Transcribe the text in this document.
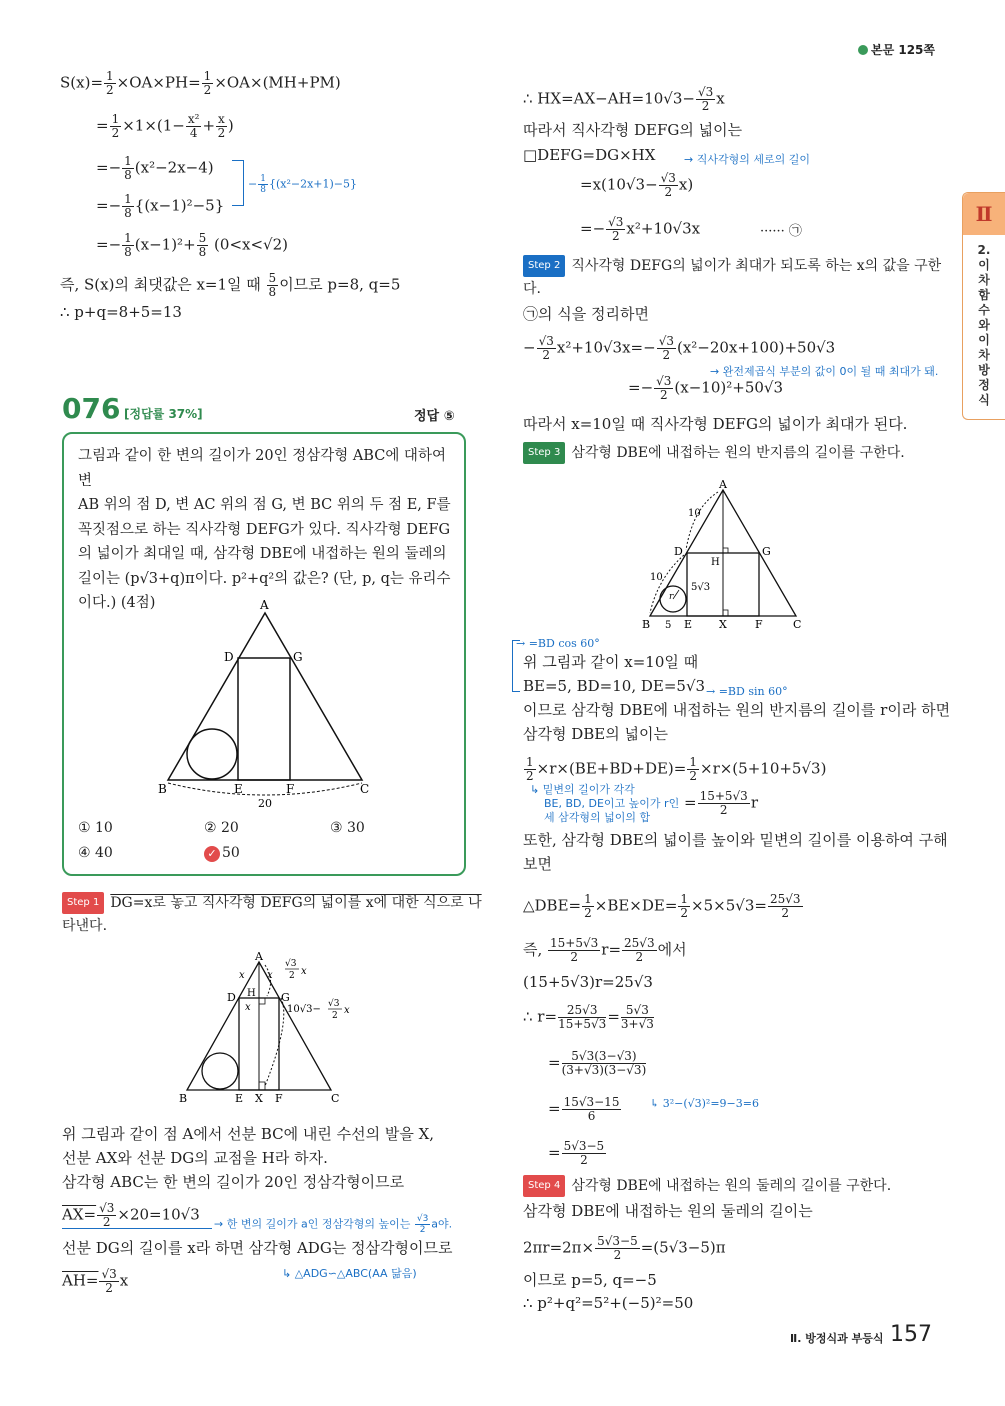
본문 125쪽
Ⅱ
2. 이차함수와 이차방정식
$S(x)= \frac{1}{2} \times OA\times PH= \frac{1}{2} \times OA\times(MH+PM)$
= $\frac{1}{2} \times 1\times(1- \frac{\text{x²}}{4} + \frac{x}{2}$ )
=− $\frac{1}{8} (x^2-2x-4)$
=− $\frac{1}{8} \{(x-1)^2-5\}$
− $\frac{1}{8} \{(x^2-2x+1)-5\}$
=− $\frac{1}{8} (x-1)^2+ \frac{5}{8} (0<x<√2)$
즉, S(x)의 최댓값은 x=1일 때 $\frac{5}{8}$ 이므로 p=8, q=5
∴ p+q=8+5=13
076 [정답률 37%]	정답 ⑤
그림과 같이 한 변의 길이가 20인 정삼각형 ABC에 대하여 변
AB 위의 점 D, 변 AC 위의 점 G, 변 BC 위의 두 점 E, F를
꼭짓점으로 하는 직사각형 DEFG가 있다. 직사각형 DEFG
의 넓이가 최대일 때, 삼각형 DBE에 내접하는 원의 둘레의
길이는 (p√3+q)π이다. p²+q²의 값은? (단, p, q는 유리수
이다.) (4점)	A
D	G
B	E	F	C
20
① 10	② 20	③ 30
④ 40	✓ 50
Step 1 DG=x로 놓고 직사각형 DEFG의 넓이를 x에 대한 식으로 나
타낸다.
A
D	G
H
B	E X F	C
x x
x
√3
2 x
10√3− √3
2 x
위 그림과 같이 점 A에서 선분 BC에 내린 수선의 발을 X,
선분 AX와 선분 DG의 교점을 H라 하자.
삼각형 ABC는 한 변의 길이가 20인 정삼각형이므로
$AX= \frac{√3}{2} \times 20=10√3$
→ 한 변의 길이가 a인 정삼각형의 높이는 $\frac{√3}{2}$ a야.
선분 DG의 길이를 x라 하면 삼각형 ADG는 정삼각형이므로
↳ △ADG∽△ABC(AA 닮음)
$AH= \frac{√3}{2}$ x
∴ $HX=AX-AH=10√3- \frac{√3}{2}$ x
따라서 직사각형 DEFG의 넓이는
□DEFG=DG×HX	→ 직사각형의 세로의 길이
$=x(10√3- \frac{√3}{2} x)$
=− $\frac{√3}{2} x^2+10√3x$	······ ㉠
Step 2 직사각형 DEFG의 넓이가 최대가 되도록 하는 x의 값을 구한
다.
㉠의 식을 정리하면
− $\frac{√3}{2} x^2+10√3x=- \frac{√3}{2} (x^2-20x+100)+50√3$
→ 완전제곱식 부분의 값이 0이 될 때 최대가 돼.
=− $\frac{√3}{2} (x-10)^2+50√3$
따라서 x=10일 때 직사각형 DEFG의 넓이가 최대가 된다.
Step 3 삼각형 DBE에 내접하는 원의 반지름의 길이를 구한다.
A
D	G
H
B	E X	F	C
10
10
5√3
5
r
→ =BD cos 60°
위 그림과 같이 x=10일 때
BE=5, BD=10, DE=5√3 → =BD sin 60°
이므로 삼각형 DBE에 내접하는 원의 반지름의 길이를 r이라 하면
삼각형 DBE의 넓이는
$\frac{1}{2} \times r\times(BE+BD+DE)= \frac{1}{2} \times r\times(5+10+5√3)$
↳ 밑변의 길이가 각각
BE, BD, DE이고 높이가 r인
세 삼각형의 넓이의 합
= $\frac{15+5√3}{2}$ r
또한, 삼각형 DBE의 넓이를 높이와 밑변의 길이를 이용하여 구해
보면
△DBE= $\frac{1}{2} \times BE\times DE= \frac{1}{2} \times 5\times 5√3= \frac{25√3}{2}$
즉, $\frac{15+5√3}{2} r= \frac{25√3}{2}$ 에서
(15+5√3)r=25√3
∴ $r= \frac{25√3}{15+5√3} = \frac{5√3}{3+√3}$
= $\frac{5√3(3-√3)}{(3+√3)(3-√3)}$
= $\frac{15√3-15}{6}$	↳ 3²−(√3)²=9−3=6
= $\frac{5√3-5}{2}$
Step 4 삼각형 DBE에 내접하는 원의 둘레의 길이를 구한다.
삼각형 DBE에 내접하는 원의 둘레의 길이는
$2\pi r=2\pi\times \frac{5√3-5}{2} =(5√3-5)\pi$
이므로 p=5, q=−5
∴ p²+q²=5²+(−5)²=50
Ⅱ. 방정식과 부등식 157
